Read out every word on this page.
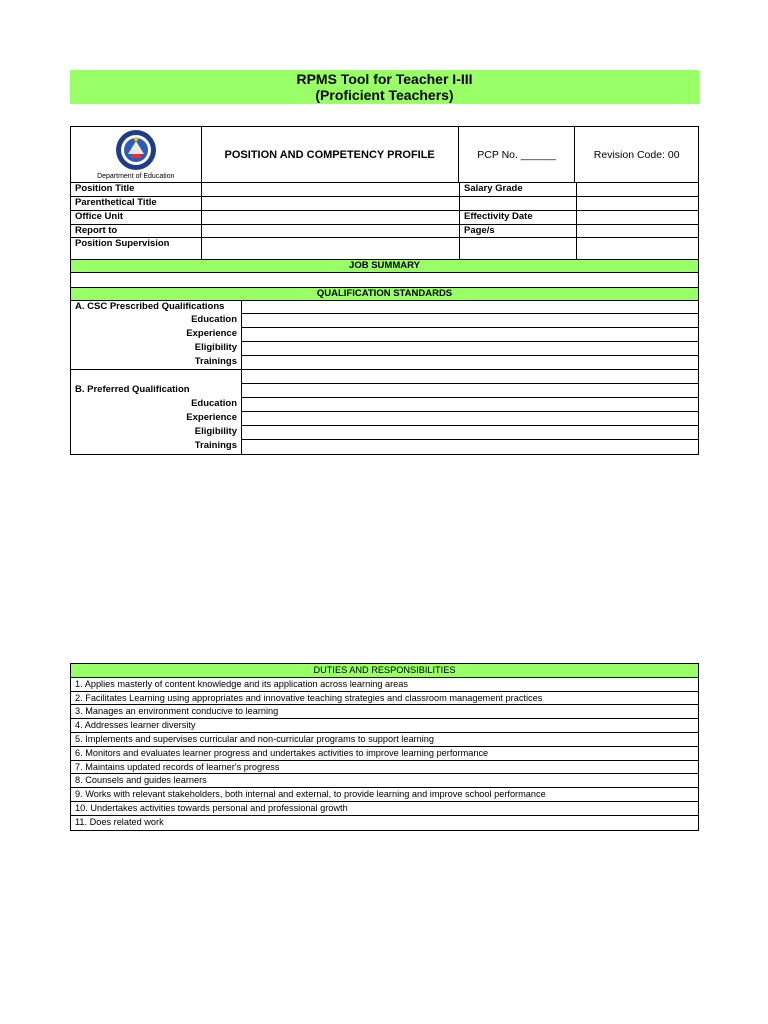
RPMS Tool for Teacher I-III
(Proficient Teachers)
Department of Education
POSITION AND COMPETENCY PROFILE	PCP No. ______	Revision Code: 00
Position Title	Salary Grade
Parenthetical Title
Office Unit	Effectivity Date
Report to	Page/s
Position Supervision
JOB SUMMARY
QUALIFICATION STANDARDS
A. CSC Prescribed Qualifications
Education
Experience
Eligibility
Trainings
B. Preferred Qualification
Education
Experience
Eligibility
Trainings
DUTIES AND RESPONSIBILITIES
1. Applies masterly of content knowledge and its application across learning areas
2. Facilitates Learning using appropriates and innovative teaching strategies and classroom management practices
3. Manages an environment conducive to learning
4. Addresses learner diversity
5. Implements and supervises curricular and non-curricular programs to support learning
6. Monitors and evaluates learner progress and undertakes activities to improve learning performance
7. Maintains updated records of learner's progress
8. Counsels and guides learners
9. Works with relevant stakeholders, both internal and external, to provide learning and improve school performance
10. Undertakes activities towards personal and professional growth
11. Does related work
